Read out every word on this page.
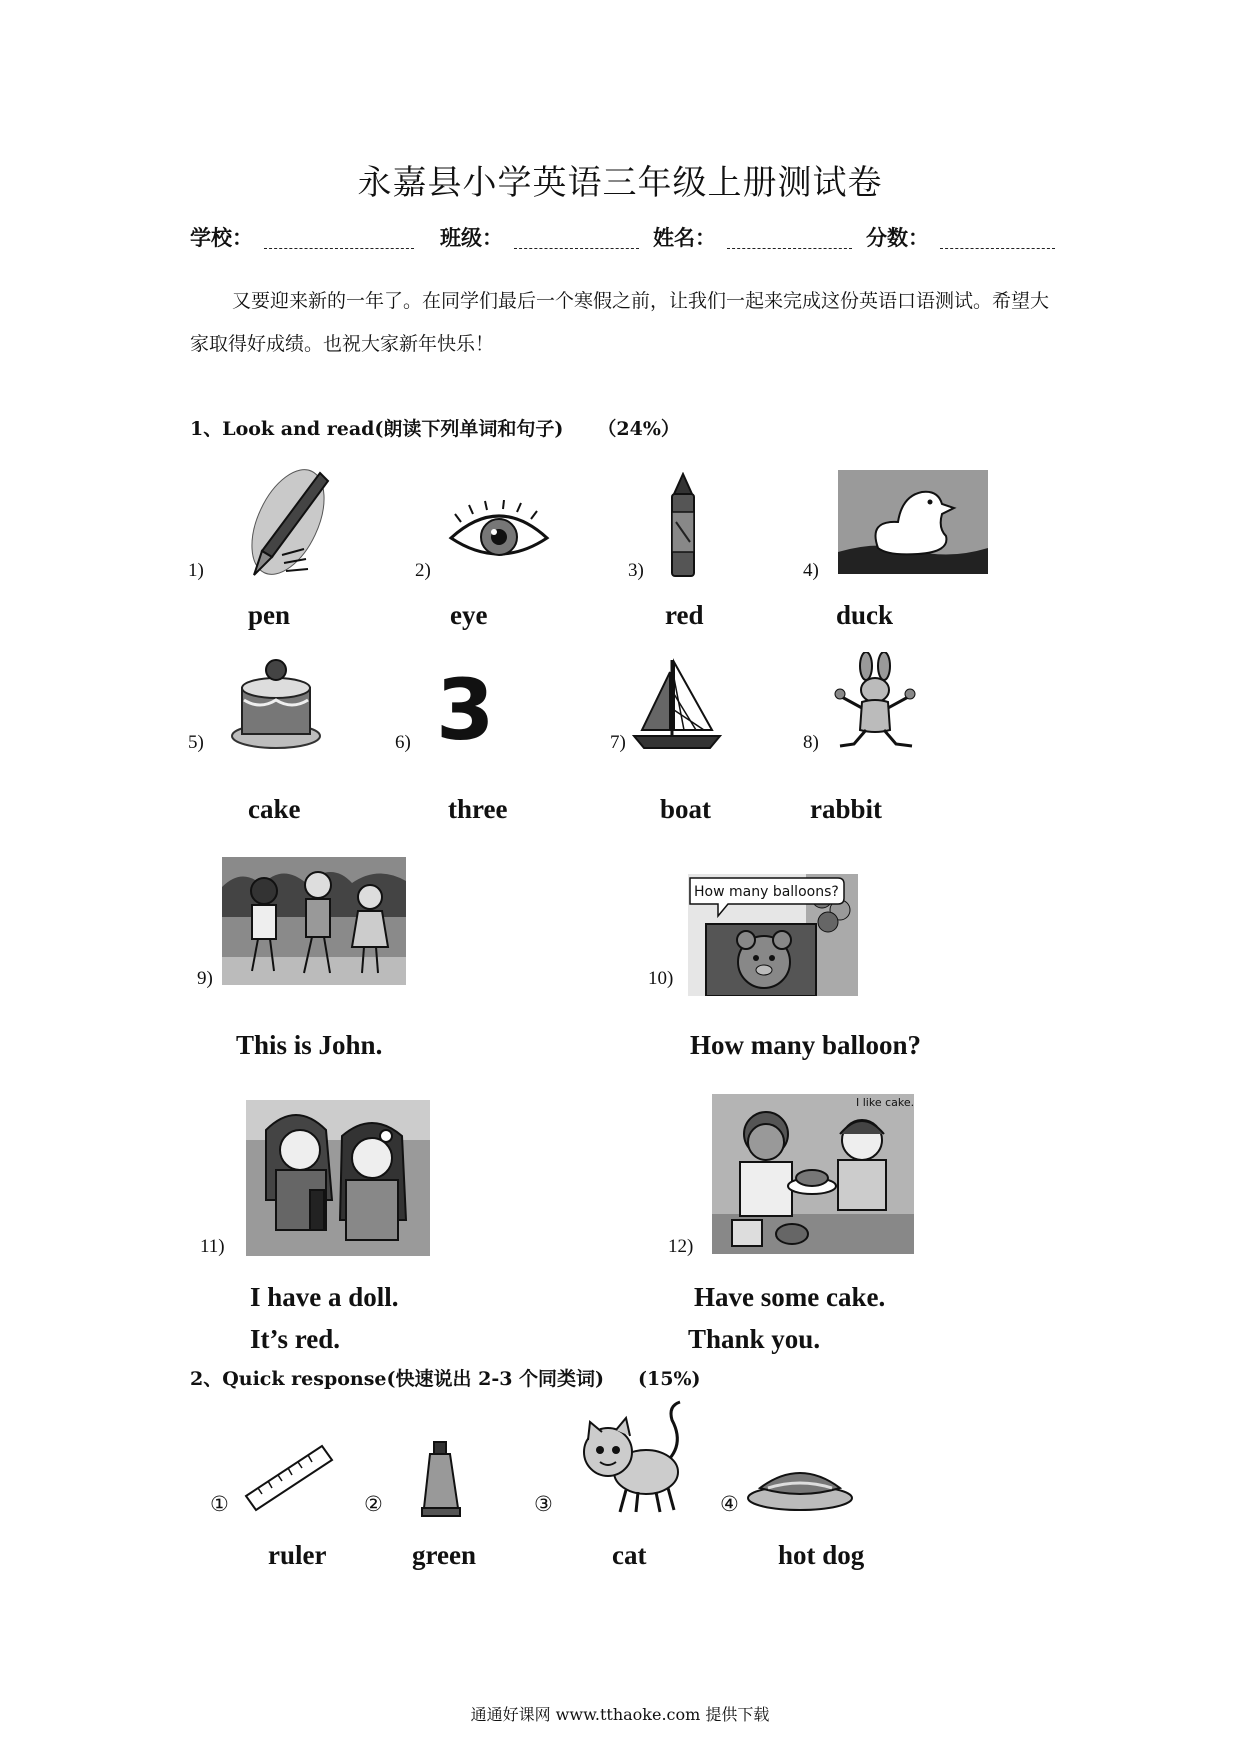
永嘉县小学英语三年级上册测试卷
学校：	班级：	姓名：	分数：
又要迎来新的一年了。在同学们最后一个寒假之前，让我们一起来完成这份英语口语测试。希望大家取得好成绩。也祝大家新年快乐！
1、Look and read(朗读下列单词和句子) （24%）
1)
pen
2)
eye
3)
red
4)
duck
5)
cake
6) 3
three
7)
boat
8)
rabbit
9)
This is John.
10)
How many balloons?
How many balloon?
11)
I have a doll.
It’s red.
12)
I like cake.
Have some cake.
Thank you.
2、Quick response(快速说出 2-3 个同类词) (15%)
①
ruler
②
green
③
cat
④
hot dog
通通好课网 www.tthaoke.com 提供下载
